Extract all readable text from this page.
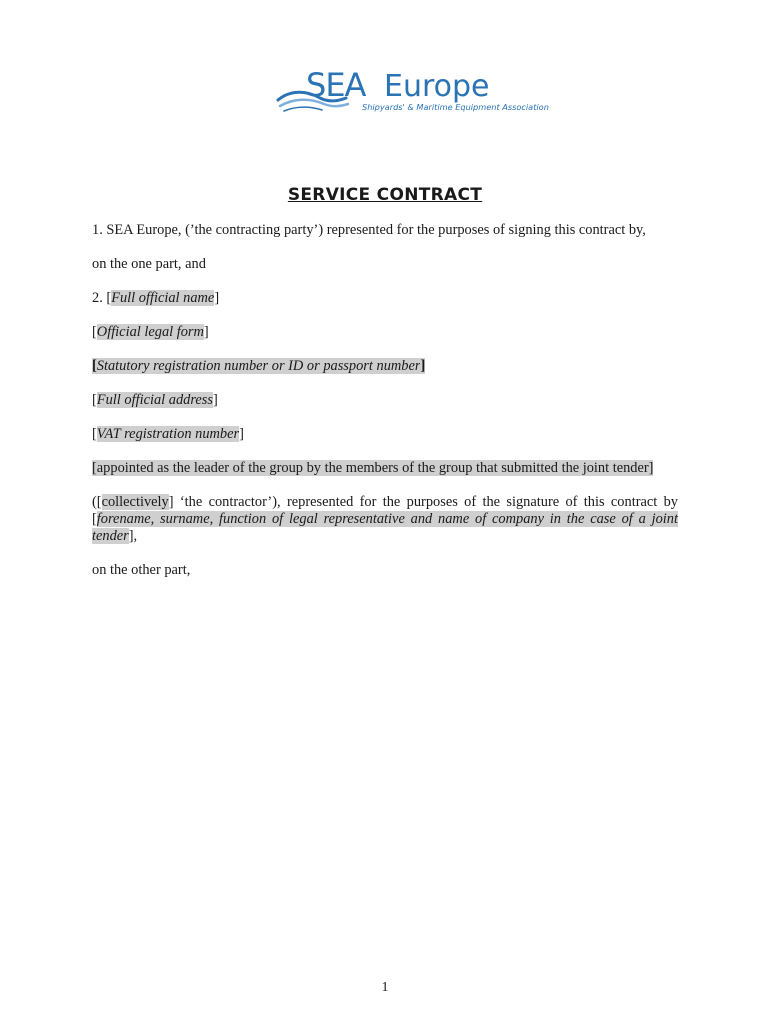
SEA Europe
Shipyards' & Maritime Equipment Association
SERVICE CONTRACT

1. SEA Europe, (’the contracting party’) represented for the purposes of signing this contract by,

on the one part, and

2. [Full official name]

[Official legal form]

[Statutory registration number or ID or passport number]

[Full official address]

[VAT registration number]

[appointed as the leader of the group by the members of the group that submitted the joint tender]

([collectively] ‘the contractor’), represented for the purposes of the signature of this contract by [forename, surname, function of legal representative and name of company in the case of a joint tender],

on the other part,

1
